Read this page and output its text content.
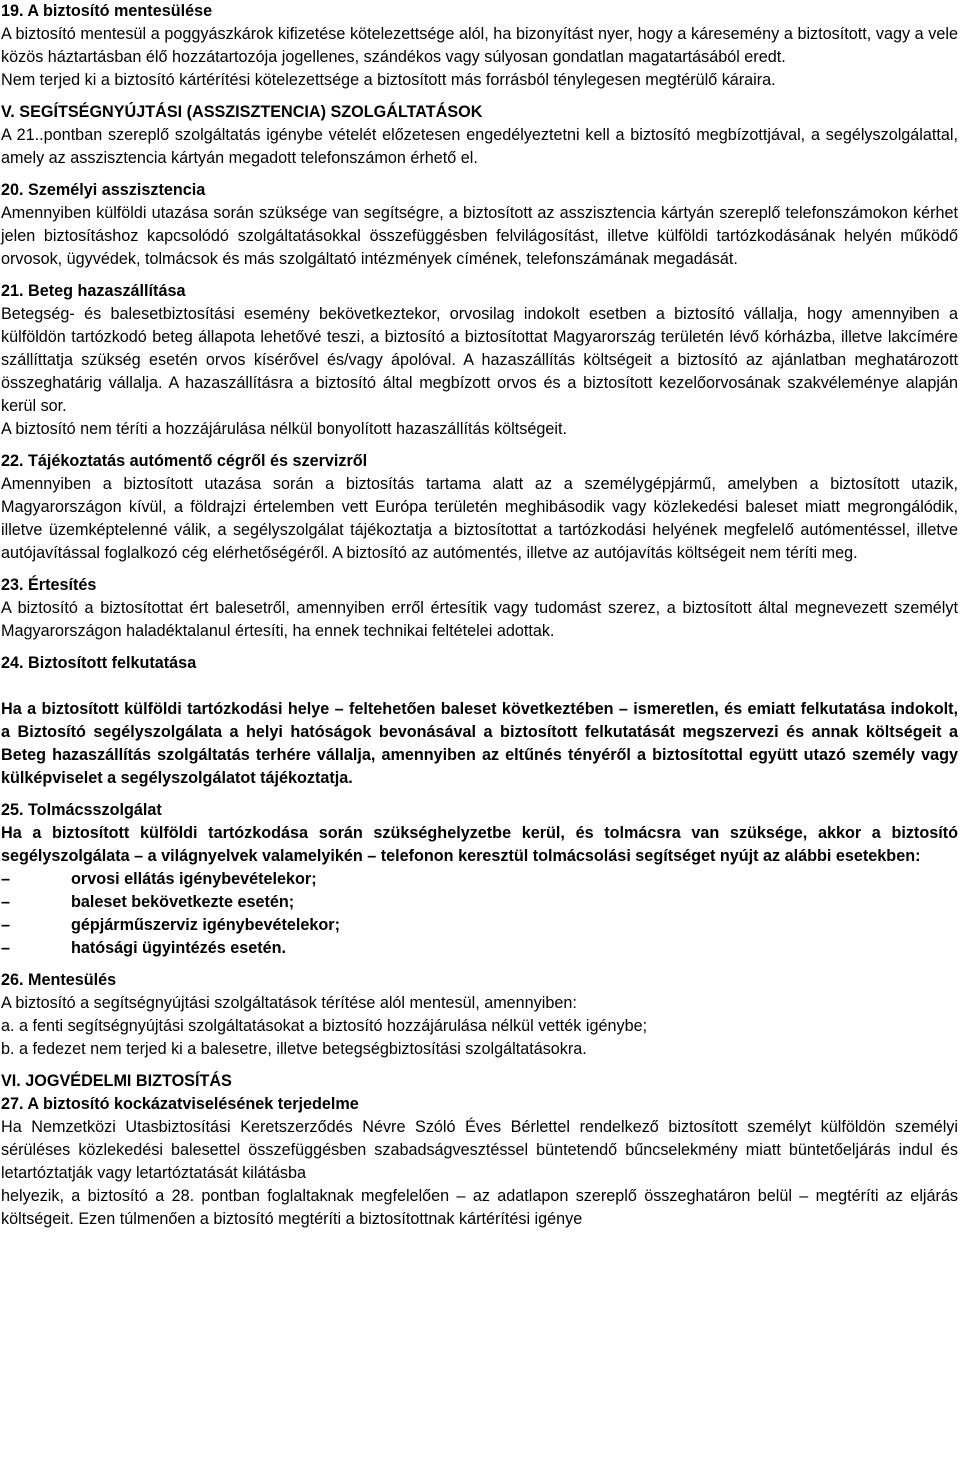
19. A biztosító mentesülése

A biztosító mentesül a poggyászkárok kifizetése kötelezettsége alól, ha bizonyítást nyer, hogy a káresemény a biztosított, vagy a vele közös háztartásban élő hozzátartozója jogellenes, szándékos vagy súlyosan gondatlan magatartásából eredt.

Nem terjed ki a biztosító kártérítési kötelezettsége a biztosított más forrásból ténylegesen megtérülő káraira.

V. SEGÍTSÉGNYÚJTÁSI (ASSZISZTENCIA) SZOLGÁLTATÁSOK

A 21..pontban szereplő szolgáltatás igénybe vételét előzetesen engedélyeztetni kell a biztosító megbízottjával, a segélyszolgálattal, amely az asszisztencia kártyán megadott telefonszámon érhető el.

20. Személyi asszisztencia

Amennyiben külföldi utazása során szüksége van segítségre, a biztosított az asszisztencia kártyán szereplő telefonszámokon kérhet jelen biztosításhoz kapcsolódó szolgáltatásokkal összefüggésben felvilágosítást, illetve külföldi tartózkodásának helyén működő orvosok, ügyvédek, tolmácsok és más szolgáltató intézmények címének, telefonszámának megadását.

21. Beteg hazaszállítása

Betegség- és balesetbiztosítási esemény bekövetkeztekor, orvosilag indokolt esetben a biztosító vállalja, hogy amennyiben a külföldön tartózkodó beteg állapota lehetővé teszi, a biztosító a biztosítottat Magyarország területén lévő kórházba, illetve lakcímére szállíttatja szükség esetén orvos kísérővel és/vagy ápolóval. A hazaszállítás költségeit a biztosító az ajánlatban meghatározott összeghatárig vállalja. A hazaszállításra a biztosító által megbízott orvos és a biztosított kezelőorvosának szakvéleménye alapján kerül sor.

A biztosító nem téríti a hozzájárulása nélkül bonyolított hazaszállítás költségeit.

22. Tájékoztatás autómentő cégről és szervizről

Amennyiben a biztosított utazása során a biztosítás tartama alatt az a személygépjármű, amelyben a biztosított utazik, Magyarországon kívül, a földrajzi értelemben vett Európa területén meghibásodik vagy közlekedési baleset miatt megrongálódik, illetve üzemképtelenné válik, a segélyszolgálat tájékoztatja a biztosítottat a tartózkodási helyének megfelelő autómentéssel, illetve autójavítással foglalkozó cég elérhetőségéről. A biztosító az autómentés, illetve az autójavítás költségeit nem téríti meg.

23. Értesítés

A biztosító a biztosítottat ért balesetről, amennyiben erről értesítik vagy tudomást szerez, a biztosított által megnevezett személyt Magyarországon haladéktalanul értesíti, ha ennek technikai feltételei adottak.

24. Biztosított felkutatása

Ha a biztosított külföldi tartózkodási helye – feltehetően baleset következtében – ismeretlen, és emiatt felkutatása indokolt, a Biztosító segélyszolgálata a helyi hatóságok bevonásával a biztosított felkutatását megszervezi és annak költségeit a Beteg hazaszállítás szolgáltatás terhére vállalja, amennyiben az eltűnés tényéről a biztosítottal együtt utazó személy vagy külképviselet a segélyszolgálatot tájékoztatja.

25. Tolmácsszolgálat

Ha a biztosított külföldi tartózkodása során szükséghelyzetbe kerül, és tolmácsra van szüksége, akkor a biztosító segélyszolgálata – a világnyelvek valamelyikén – telefonon keresztül tolmácsolási segítséget nyújt az alábbi esetekben:

–	orvosi ellátás igénybevételekor;
–	baleset bekövetkezte esetén;
–	gépjárműszerviz igénybevételekor;
–	hatósági ügyintézés esetén.

26. Mentesülés

A biztosító a segítségnyújtási szolgáltatások térítése alól mentesül, amennyiben:

a. a fenti segítségnyújtási szolgáltatásokat a biztosító hozzájárulása nélkül vették igénybe;

b. a fedezet nem terjed ki a balesetre, illetve betegségbiztosítási szolgáltatásokra.

VI. JOGVÉDELMI BIZTOSÍTÁS

27. A biztosító kockázatviselésének terjedelme

Ha Nemzetközi Utasbiztosítási Keretszerződés Névre Szóló Éves Bérlettel rendelkező biztosított személyt külföldön személyi sérüléses közlekedési balesettel összefüggésben szabadságvesztéssel büntetendő bűncselekmény miatt büntetőeljárás indul és letartóztatják vagy letartóztatását kilátásba

helyezik, a biztosító a 28. pontban foglaltaknak megfelelően – az adatlapon szereplő összeghatáron belül – megtéríti az eljárás költségeit. Ezen túlmenően a biztosító megtéríti a biztosítottnak kártérítési igénye
